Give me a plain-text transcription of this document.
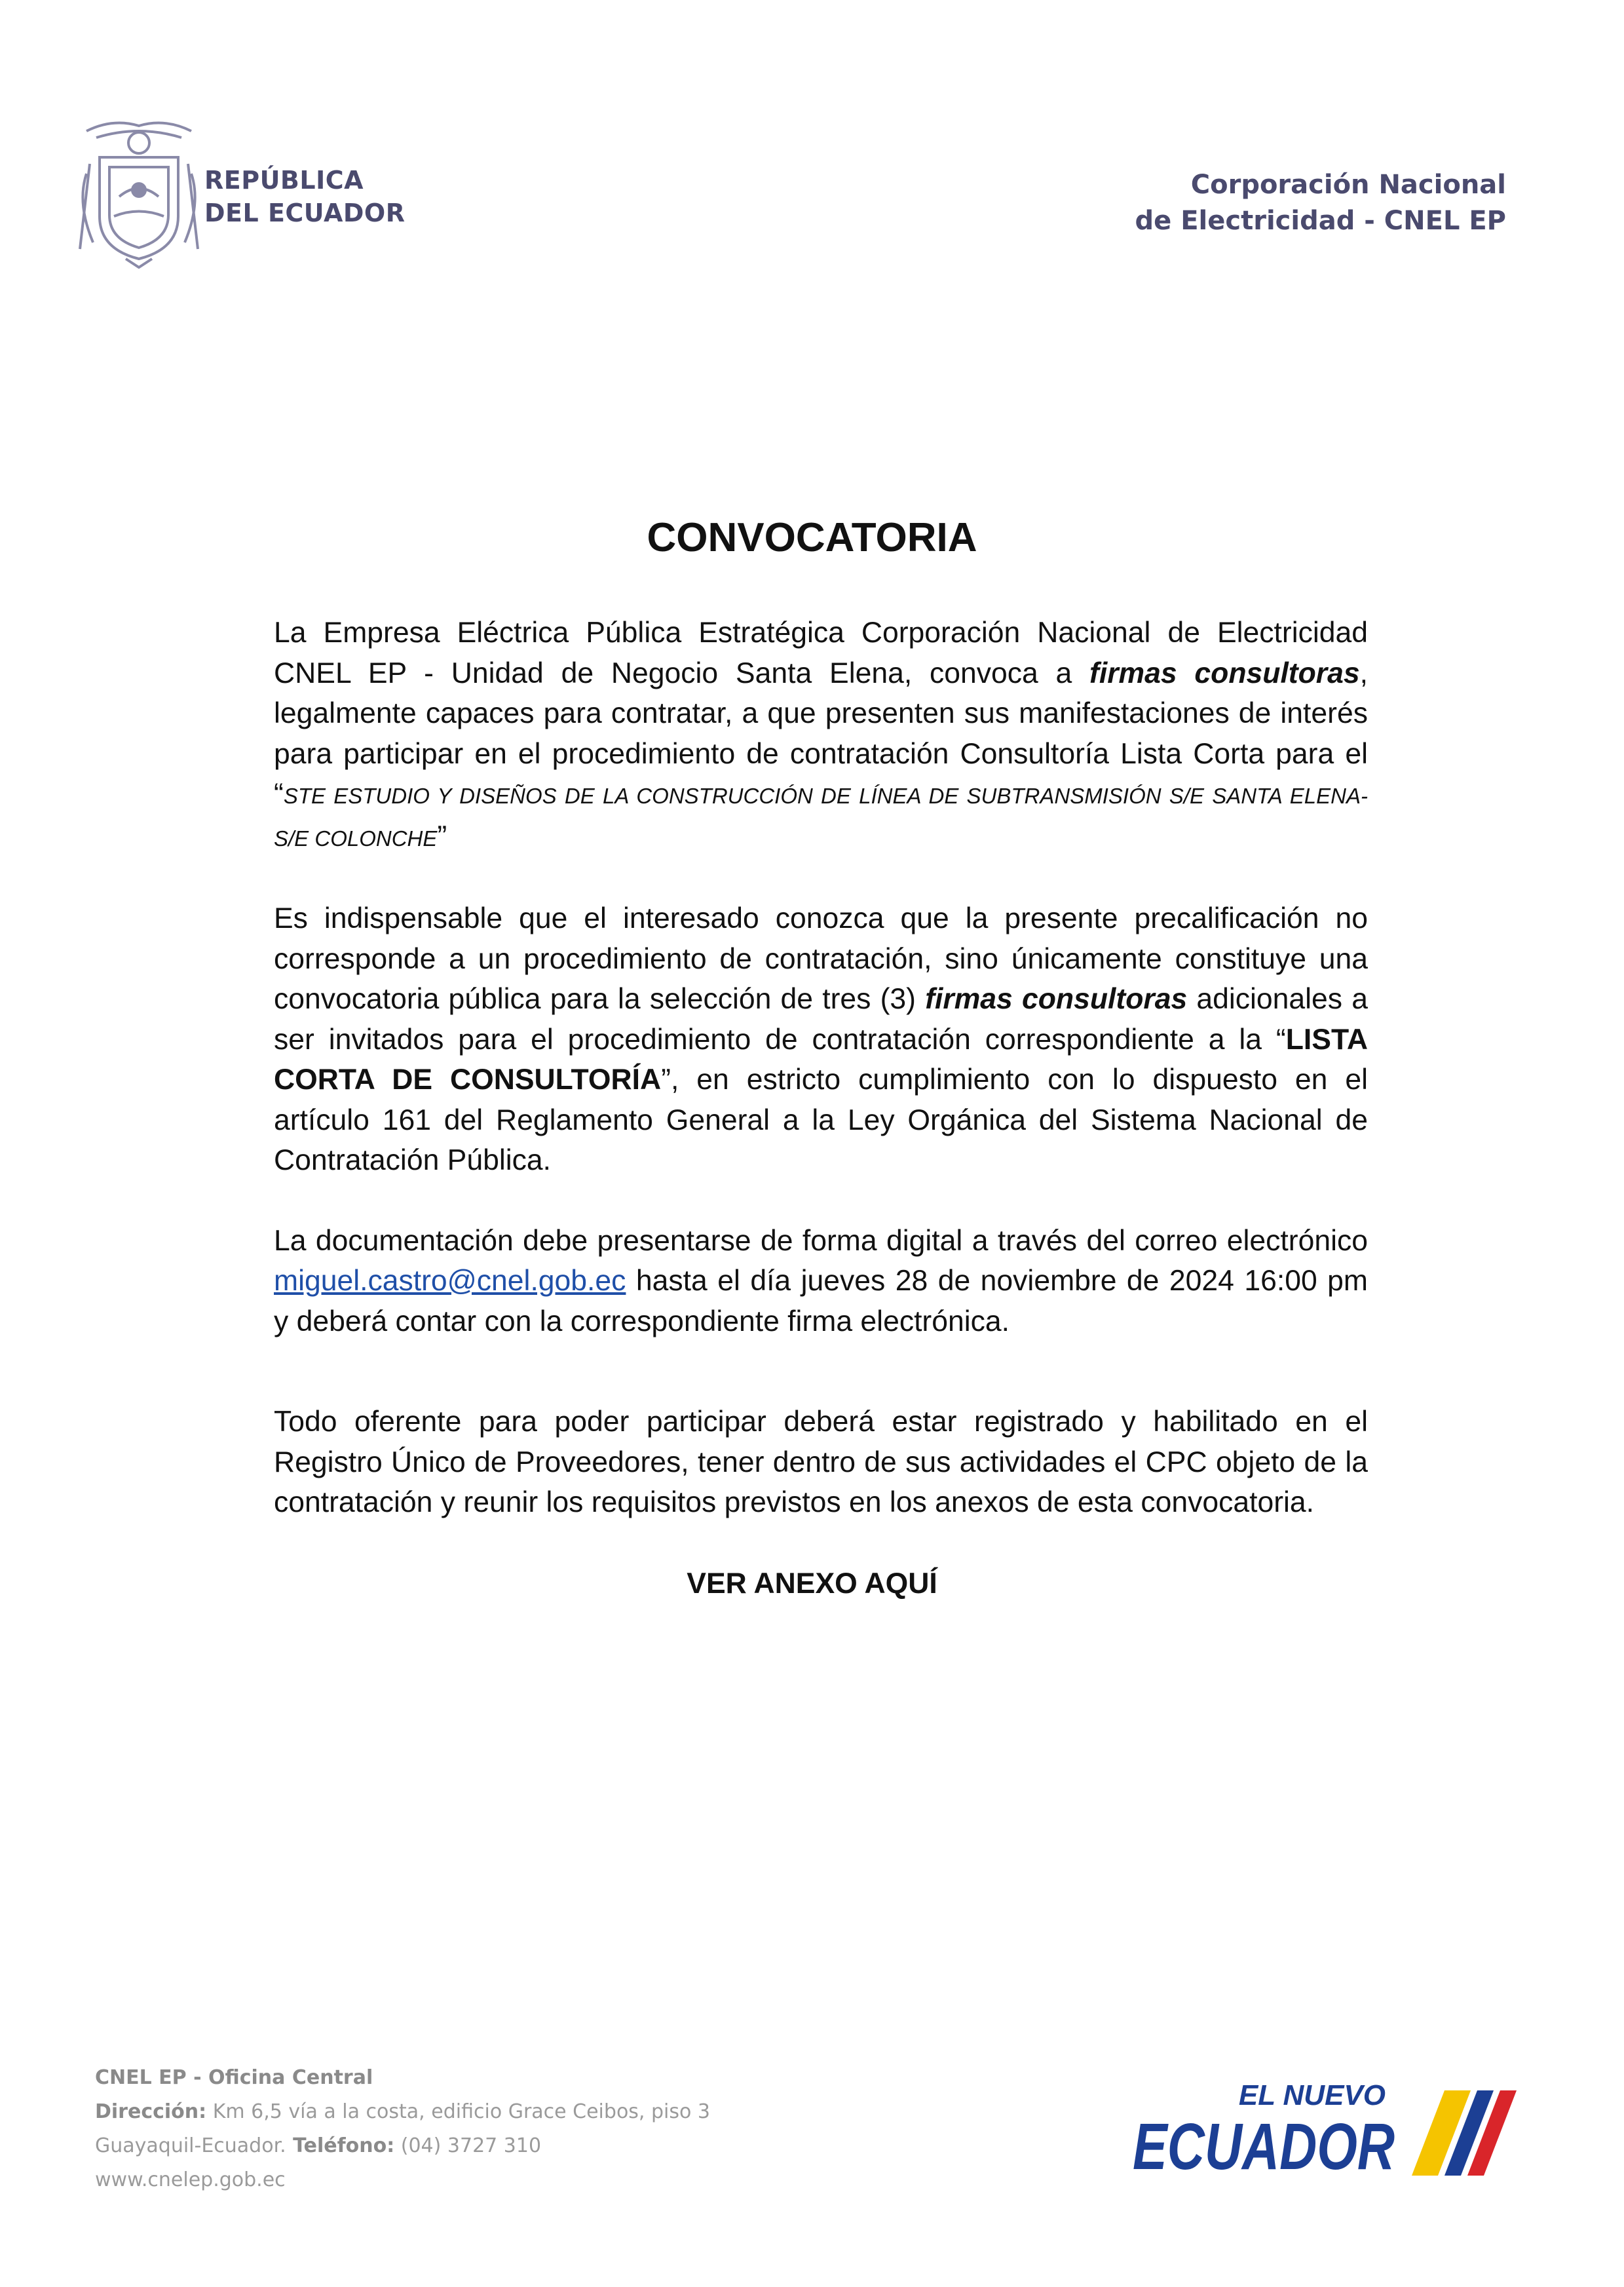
REPÚBLICA
DEL ECUADOR
Corporación Nacional
de Electricidad - CNEL EP
CONVOCATORIA

La Empresa Eléctrica Pública Estratégica Corporación Nacional de Electricidad CNEL EP - Unidad de Negocio Santa Elena, convoca a firmas consultoras, legalmente capaces para contratar, a que presenten sus manifestaciones de interés para participar en el procedimiento de contratación Consultoría Lista Corta para el “STE ESTUDIO Y DISEÑOS DE LA CONSTRUCCIÓN DE LÍNEA DE SUBTRANSMISIÓN S/E SANTA ELENA-S/E COLONCHE”

Es indispensable que el interesado conozca que la presente precalificación no corresponde a un procedimiento de contratación, sino únicamente constituye una convocatoria pública para la selección de tres (3) firmas consultoras adicionales a ser invitados para el procedimiento de contratación correspondiente a la “LISTA CORTA DE CONSULTORÍA”, en estricto cumplimiento con lo dispuesto en el artículo 161 del Reglamento General a la Ley Orgánica del Sistema Nacional de Contratación Pública.

La documentación debe presentarse de forma digital a través del correo electrónico miguel.castro@cnel.gob.ec hasta el día jueves 28 de noviembre de 2024 16:00 pm y deberá contar con la correspondiente firma electrónica.

Todo oferente para poder participar deberá estar registrado y habilitado en el Registro Único de Proveedores, tener dentro de sus actividades el CPC objeto de la contratación y reunir los requisitos previstos en los anexos de esta convocatoria.

VER ANEXO AQUÍ
CNEL EP - Oficina Central
Dirección: Km 6,5 vía a la costa, edificio Grace Ceibos, piso 3
Guayaquil-Ecuador. Teléfono: (04) 3727 310
www.cnelep.gob.ec
EL NUEVO
ECUADOR
